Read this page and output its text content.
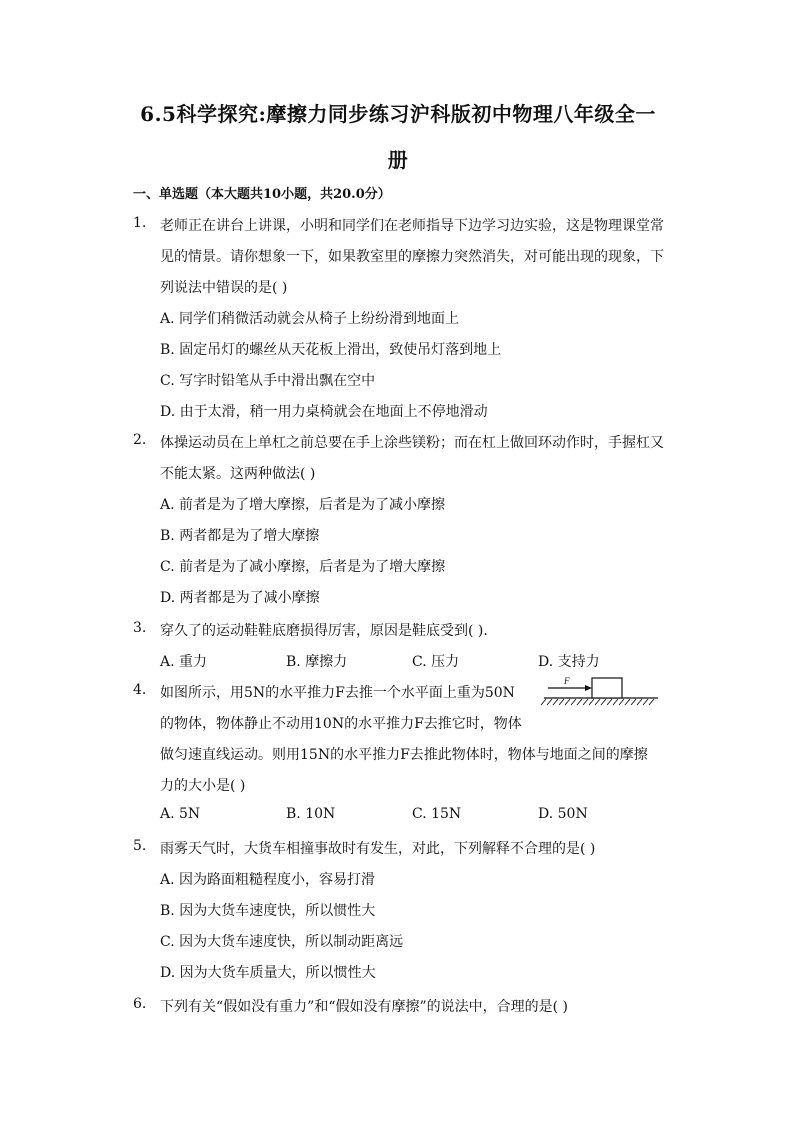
6.5科学探究:摩擦力同步练习沪科版初中物理八年级全一
册
一、单选题（本大题共10小题，共20.0分）
1. 老师正在讲台上讲课，小明和同学们在老师指导下边学习边实验，这是物理课堂常
见的情景。请你想象一下，如果教室里的摩擦力突然消失，对可能出现的现象，下
列说法中错误的是( )
A. 同学们稍微活动就会从椅子上纷纷滑到地面上
B. 固定吊灯的螺丝从天花板上滑出，致使吊灯落到地上
C. 写字时铅笔从手中滑出飘在空中
D. 由于太滑，稍一用力桌椅就会在地面上不停地滑动
2. 体操运动员在上单杠之前总要在手上涂些镁粉；而在杠上做回环动作时，手握杠又
不能太紧。这两种做法( )
A. 前者是为了增大摩擦，后者是为了减小摩擦
B. 两者都是为了增大摩擦
C. 前者是为了减小摩擦，后者是为了增大摩擦
D. 两者都是为了减小摩擦
3. 穿久了的运动鞋鞋底磨损得厉害，原因是鞋底受到( ).
A. 重力	B. 摩擦力	C. 压力	D. 支持力
4. 如图所示，用5N的水平推力F去推一个水平面上重为50N
的物体，物体静止不动用10N的水平推力F去推它时，物体
做匀速直线运动。则用15N的水平推力F去推此物体时，物体与地面之间的摩擦
力的大小是( )
A. 5N	B. 10N	C. 15N	D. 50N
F
5. 雨雾天气时，大货车相撞事故时有发生，对此，下列解释不合理的是( )
A. 因为路面粗糙程度小，容易打滑
B. 因为大货车速度快，所以惯性大
C. 因为大货车速度快，所以制动距离远
D. 因为大货车质量大，所以惯性大
6. 下列有关“假如没有重力”和“假如没有摩擦”的说法中，合理的是( )
